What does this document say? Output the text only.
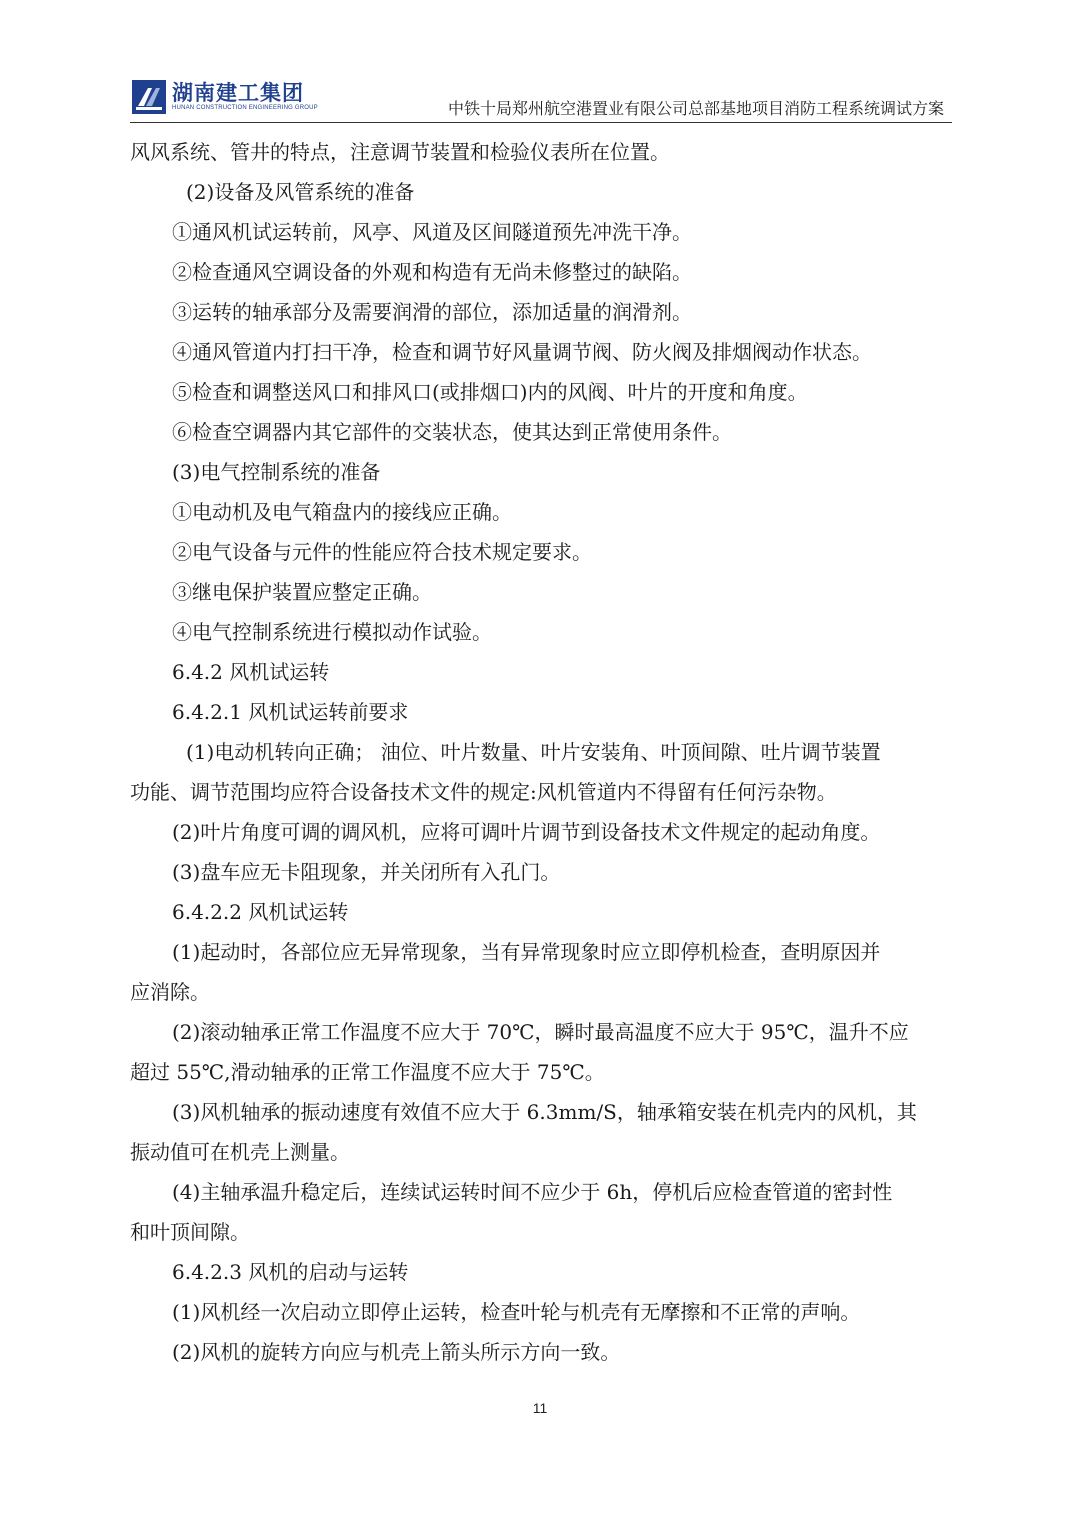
湖南建工集团
HUNAN CONSTRUCTION ENGINEERING GROUP	中铁十局郑州航空港置业有限公司总部基地项目消防工程系统调试方案
风风系统、管井的特点，注意调节装置和检验仪表所在位置。
(2)设备及风管系统的准备
①通风机试运转前，风亭、风道及区间隧道预先冲洗干净。
②检查通风空调设备的外观和构造有无尚未修整过的缺陷。
③运转的轴承部分及需要润滑的部位，添加适量的润滑剂。
④通风管道内打扫干净，检查和调节好风量调节阀、防火阀及排烟阀动作状态。
⑤检查和调整送风口和排风口(或排烟口)内的风阀、叶片的开度和角度。
⑥检查空调器内其它部件的交装状态，使其达到正常使用条件。
(3)电气控制系统的准备
①电动机及电气箱盘内的接线应正确。
②电气设备与元件的性能应符合技术规定要求。
③继电保护装置应整定正确。
④电气控制系统进行模拟动作试验。
6.4.2 风机试运转
6.4.2.1 风机试运转前要求
(1)电动机转向正确； 油位、叶片数量、叶片安装角、叶顶间隙、吐片调节装置
功能、调节范围均应符合设备技术文件的规定:风机管道内不得留有任何污杂物。
(2)叶片角度可调的调风机，应将可调叶片调节到设备技术文件规定的起动角度。
(3)盘车应无卡阻现象，并关闭所有入孔门。
6.4.2.2 风机试运转
(1)起动时，各部位应无异常现象，当有异常现象时应立即停机检查，查明原因并
应消除。
(2)滚动轴承正常工作温度不应大于 70℃，瞬时最高温度不应大于 95℃，温升不应
超过 55℃,滑动轴承的正常工作温度不应大于 75℃。
(3)风机轴承的振动速度有效值不应大于 6.3mm/S，轴承箱安装在机壳内的风机，其
振动值可在机壳上测量。
(4)主轴承温升稳定后，连续试运转时间不应少于 6h，停机后应检查管道的密封性
和叶顶间隙。
6.4.2.3 风机的启动与运转
(1)风机经一次启动立即停止运转，检查叶轮与机壳有无摩擦和不正常的声响。
(2)风机的旋转方向应与机壳上箭头所示方向一致。
11
